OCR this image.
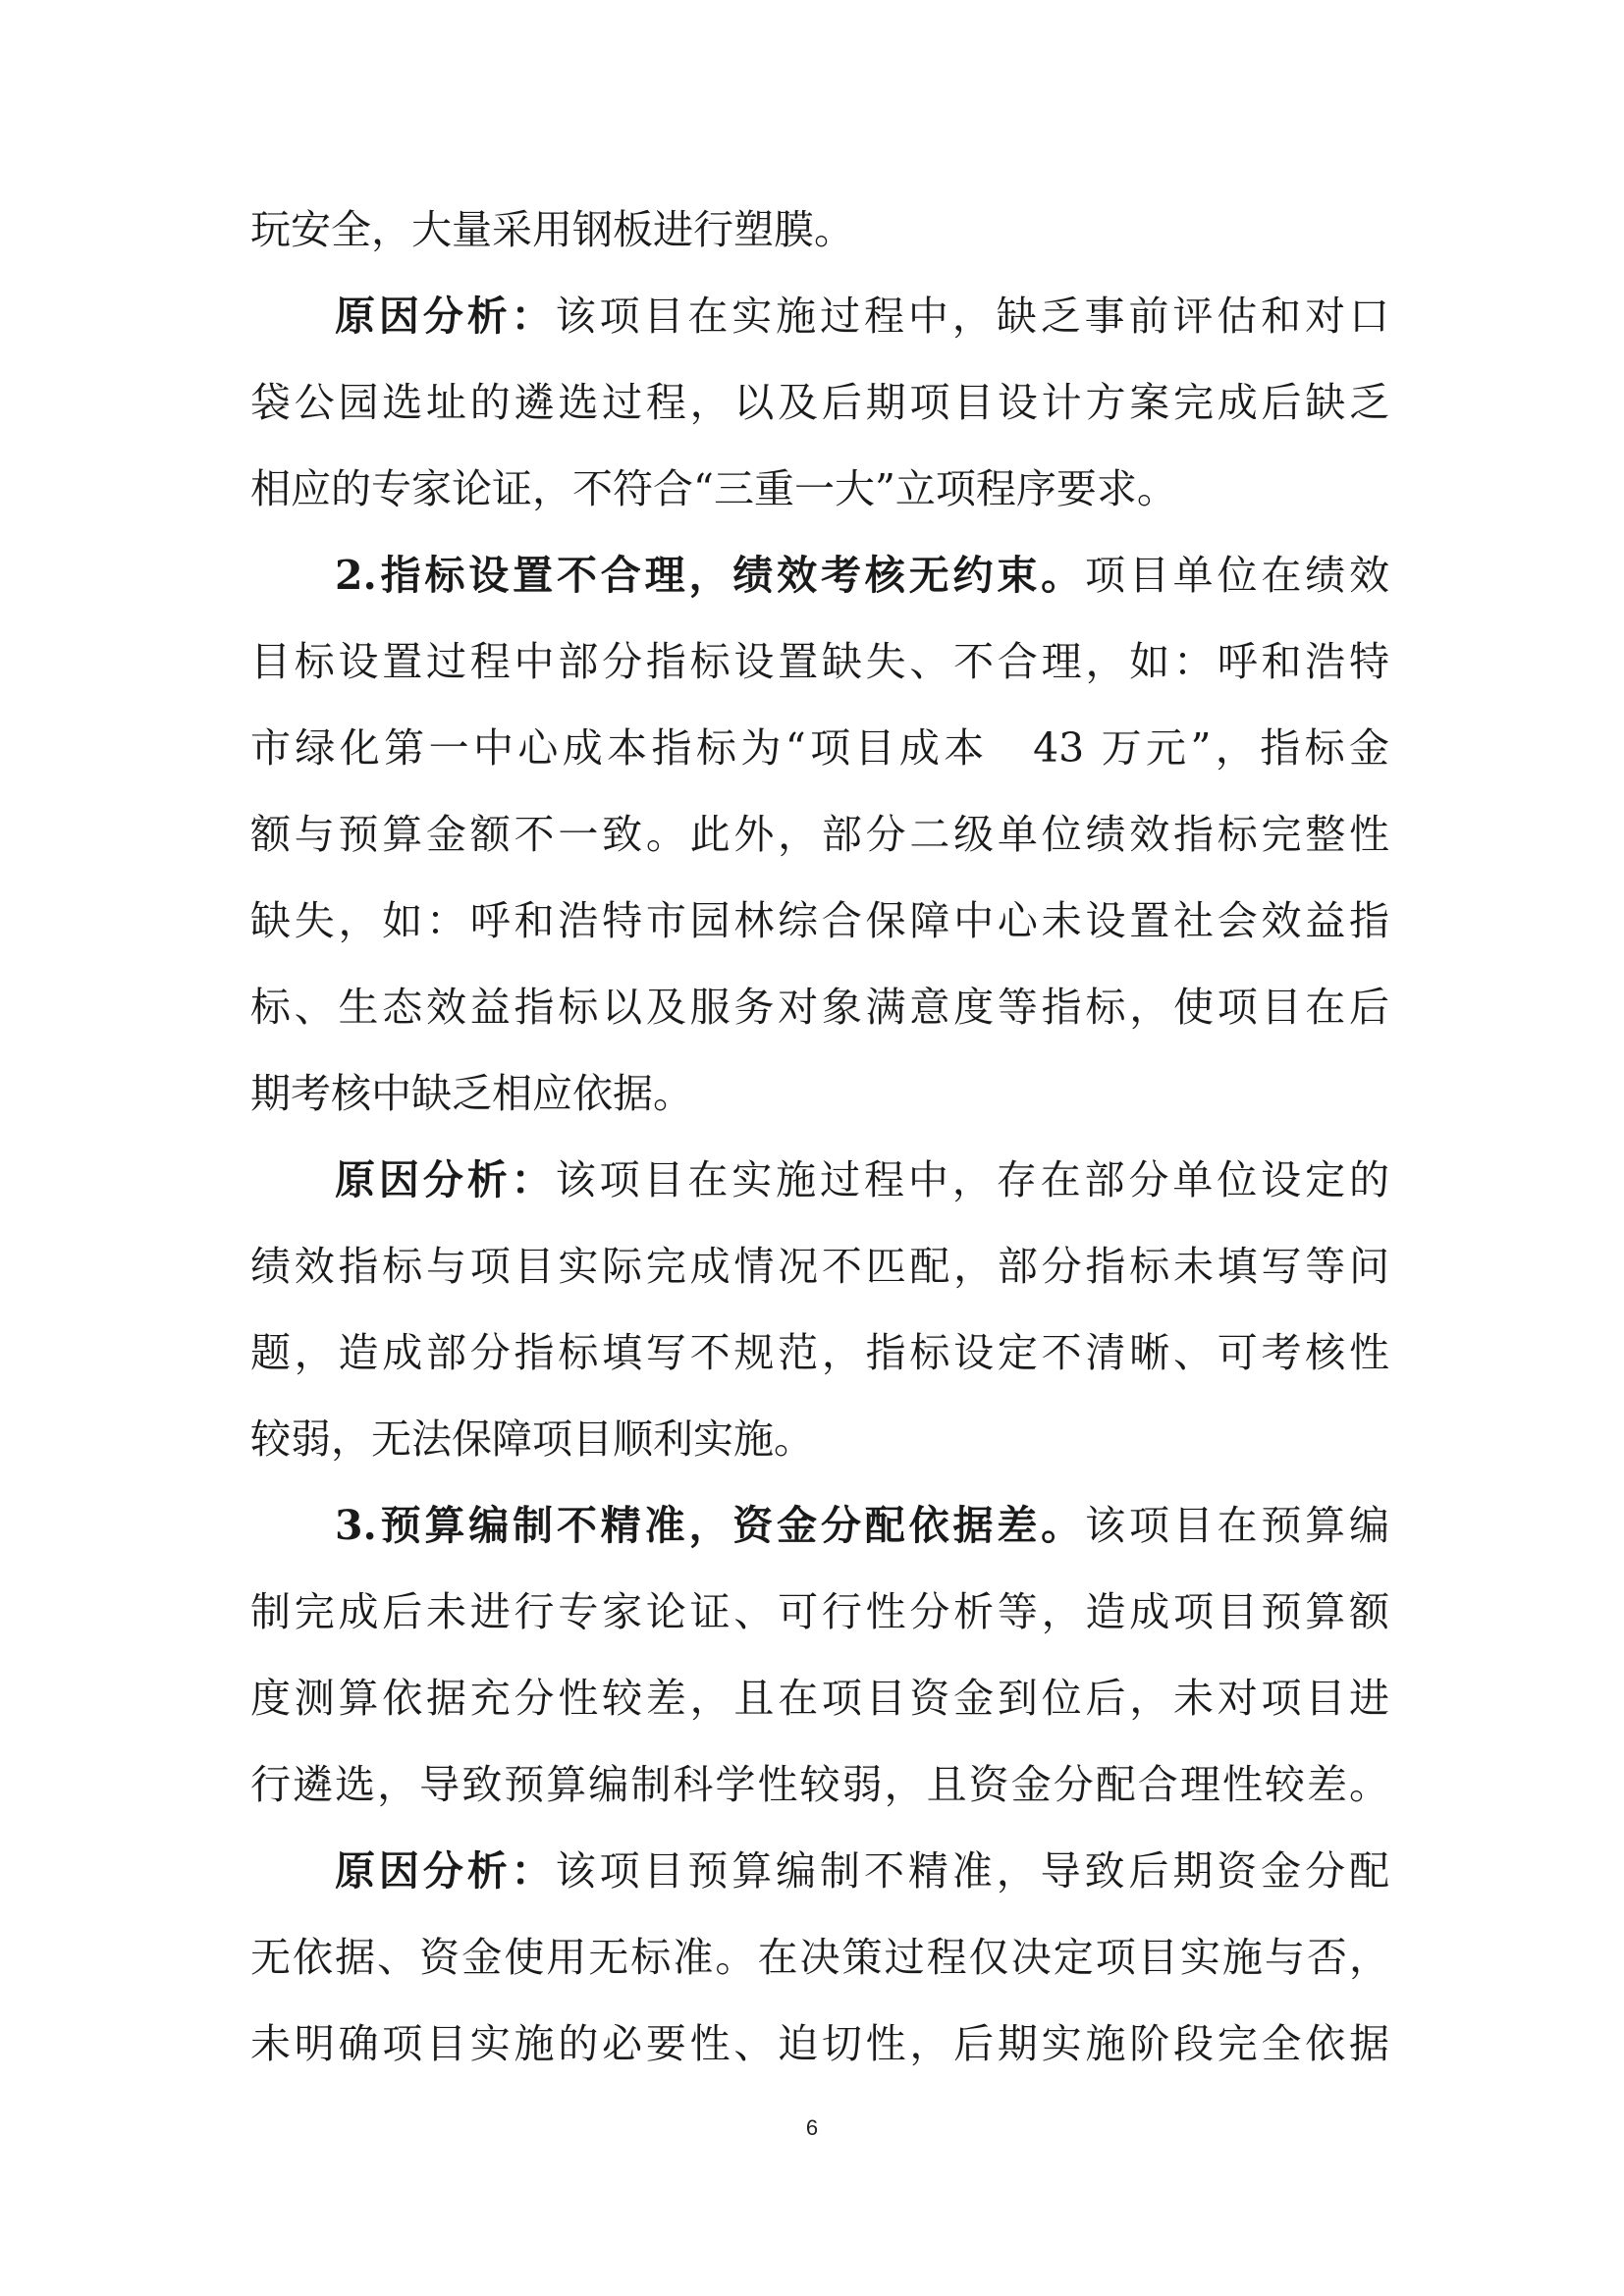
玩安全，大量采用钢板进行塑膜。
原因分析：该项目在实施过程中，缺乏事前评估和对口
袋公园选址的遴选过程，以及后期项目设计方案完成后缺乏
相应的专家论证，不符合“三重一大”立项程序要求。
2.指标设置不合理，绩效考核无约束。项目单位在绩效
目标设置过程中部分指标设置缺失、不合理，如：呼和浩特
市绿化第一中心成本指标为“项目成本　43 万元”，指标金
额与预算金额不一致。此外，部分二级单位绩效指标完整性
缺失，如：呼和浩特市园林综合保障中心未设置社会效益指
标、生态效益指标以及服务对象满意度等指标，使项目在后
期考核中缺乏相应依据。
原因分析：该项目在实施过程中，存在部分单位设定的
绩效指标与项目实际完成情况不匹配，部分指标未填写等问
题，造成部分指标填写不规范，指标设定不清晰、可考核性
较弱，无法保障项目顺利实施。
3.预算编制不精准，资金分配依据差。该项目在预算编
制完成后未进行专家论证、可行性分析等，造成项目预算额
度测算依据充分性较差，且在项目资金到位后，未对项目进
行遴选，导致预算编制科学性较弱，且资金分配合理性较差。
原因分析：该项目预算编制不精准，导致后期资金分配
无依据、资金使用无标准。在决策过程仅决定项目实施与否，
未明确项目实施的必要性、迫切性，后期实施阶段完全依据
6
